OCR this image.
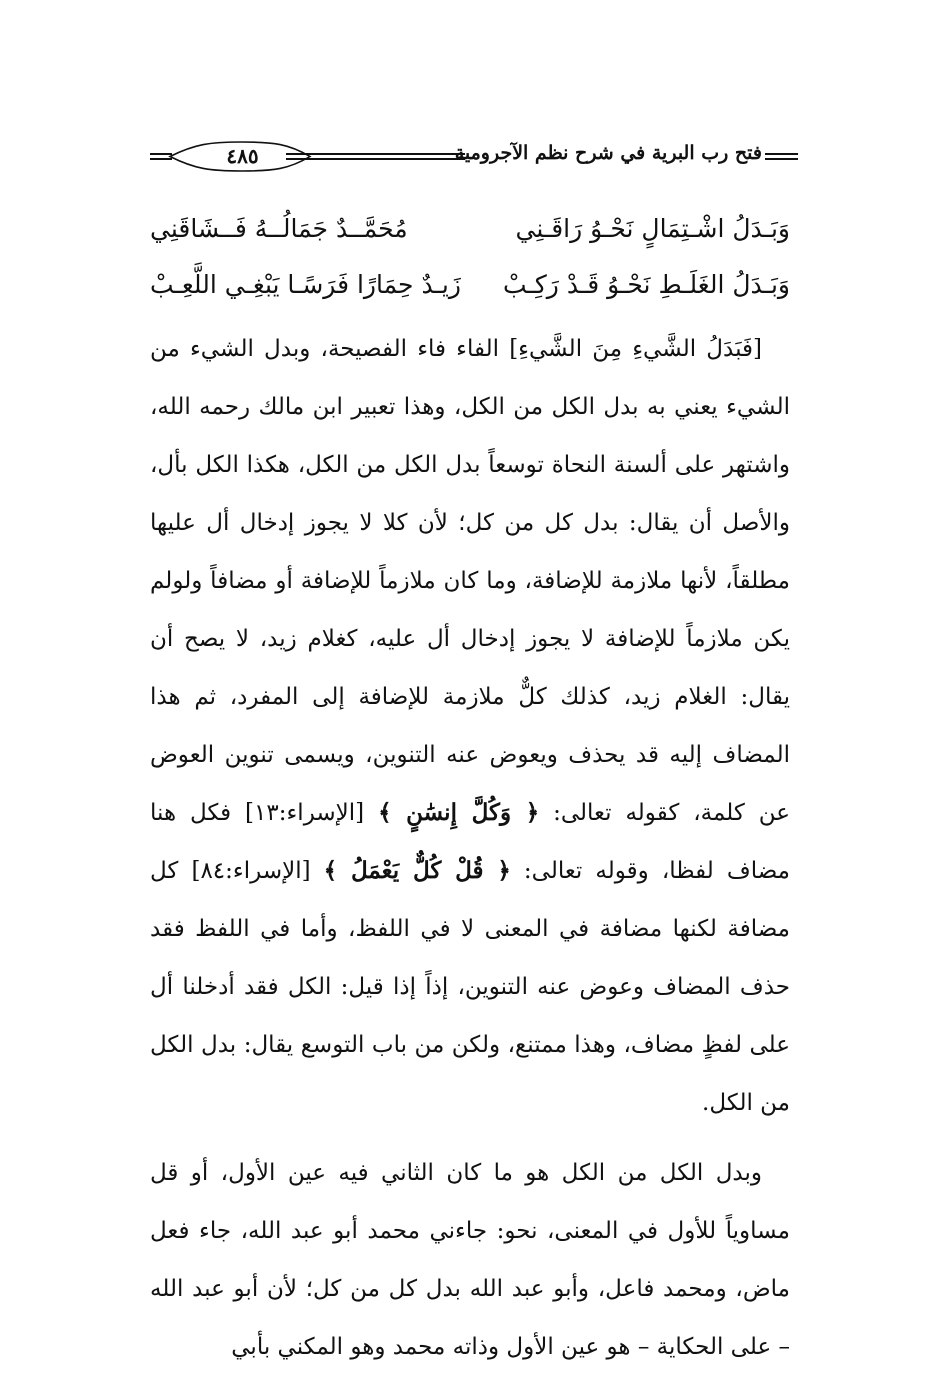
فتح رب البرية في شرح نظم الآجرومية
٤٨٥
وَبَـدَلُ اشْـتِمَالٍ نَحْـوُ رَاقَـنِي
مُحَمَّــدٌ جَمَالُــهُ فَــشَاقَنِي
وَبَـدَلُ الغَلَـطِ نَحْـوُ قَـدْ رَكِـبْ
زَيـدٌ حِمَارًا فَرَسًـا يَبْغِـي اللَّعِـبْ

[فَبَدَلُ الشَّيءِ مِنَ الشَّيءِ] الفاء فاء الفصيحة، وبدل الشيء من الشيء يعني به بدل الكل من الكل، وهذا تعبير ابن مالك رحمه الله، واشتهر على ألسنة النحاة توسعاً بدل الكل من الكل، هكذا الكل بأل، والأصل أن يقال: بدل كل من كل؛ لأن كلا لا يجوز إدخال أل عليها مطلقاً، لأنها ملازمة للإضافة، وما كان ملازماً للإضافة أو مضافاً ولولم يكن ملازماً للإضافة لا يجوز إدخال أل عليه، كغلام زيد، لا يصح أن يقال: الغلام زيد، كذلك كلٌّ ملازمة للإضافة إلى المفرد، ثم هذا المضاف إليه قد يحذف ويعوض عنه التنوين، ويسمى تنوين العوض عن كلمة، كقوله تعالى: ﴿ وَكُلَّ إِنسَٰنٍ ﴾ [الإسراء:١٣] فكل هنا مضاف لفظا، وقوله تعالى: ﴿ قُلْ كُلٌّ يَعْمَلُ ﴾ [الإسراء:٨٤] كل مضافة لكنها مضافة في المعنى لا في اللفظ، وأما في اللفظ فقد حذف المضاف وعوض عنه التنوين، إذاً إذا قيل: الكل فقد أدخلنا أل على لفظٍ مضاف، وهذا ممتنع، ولكن من باب التوسع يقال: بدل الكل من الكل.

وبدل الكل من الكل هو ما كان الثاني فيه عين الأول، أو قل مساوياً للأول في المعنى، نحو: جاءني محمد أبو عبد الله، جاء فعل ماض، ومحمد فاعل، وأبو عبد الله بدل كل من كل؛ لأن أبو عبد الله – على الحكاية – هو عين الأول وذاته محمد وهو المكني بأبي
